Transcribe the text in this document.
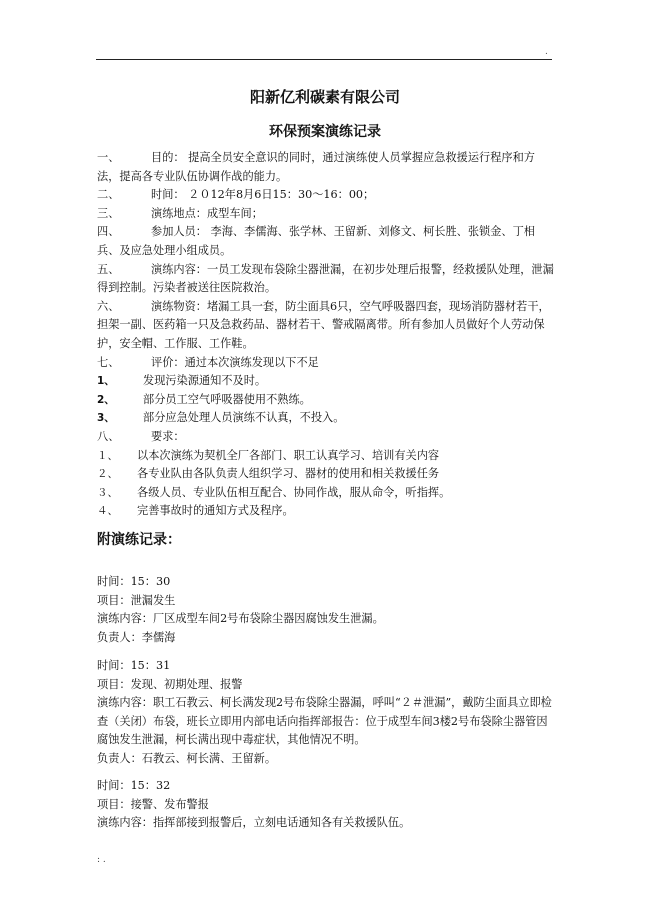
.
阳新亿利碳素有限公司
环保预案演练记录
一、	目的： 提高全员安全意识的同时，通过演练使人员掌握应急救援运行程序和方法，提高各专业队伍协调作战的能力。
二、	时间： ２０12年8月6日15：30～16：00；
三、	演练地点：成型车间；
四、	参加人员： 李海、李儒海、张学林、王留新、刘修文、柯长胜、张锁金、丁相兵、及应急处理小组成员。
五、	演练内容：一员工发现布袋除尘器泄漏，在初步处理后报警，经救援队处理，泄漏得到控制。污染者被送往医院救治。
六、	演练物资：堵漏工具一套，防尘面具6只，空气呼吸器四套，现场消防器材若干，担架一副、医药箱一只及急救药品、器材若干、警戒隔离带。所有参加人员做好个人劳动保护，安全帽、工作服、工作鞋。
七、	评价：通过本次演练发现以下不足
1、	发现污染源通知不及时。
2、	部分员工空气呼吸器使用不熟练。
3、	部分应急处理人员演练不认真，不投入。
八、	要求：
１、 以本次演练为契机全厂各部门、职工认真学习、培训有关内容
２、 各专业队由各队负责人组织学习、器材的使用和相关救援任务
３、 各级人员、专业队伍相互配合、协同作战，服从命令，听指挥。
４、 完善事故时的通知方式及程序。
附演练记录：
时间：15：30
项目：泄漏发生
演练内容：厂区成型车间2号布袋除尘器因腐蚀发生泄漏。
负责人：李儒海
时间：15：31
项目：发现、初期处理、报警
演练内容：职工石教云、柯长满发现2号布袋除尘器漏，呼叫“２＃泄漏”，戴防尘面具立即检查（关闭）布袋，班长立即用内部电话向指挥部报告：位于成型车间3楼2号布袋除尘器管因腐蚀发生泄漏，柯长满出现中毒症状，其他情况不明。
负责人：石教云、柯长满、王留新。
时间：15：32
项目：接警、发布警报
演练内容：指挥部接到报警后，立刻电话通知各有关救援队伍。
: .
